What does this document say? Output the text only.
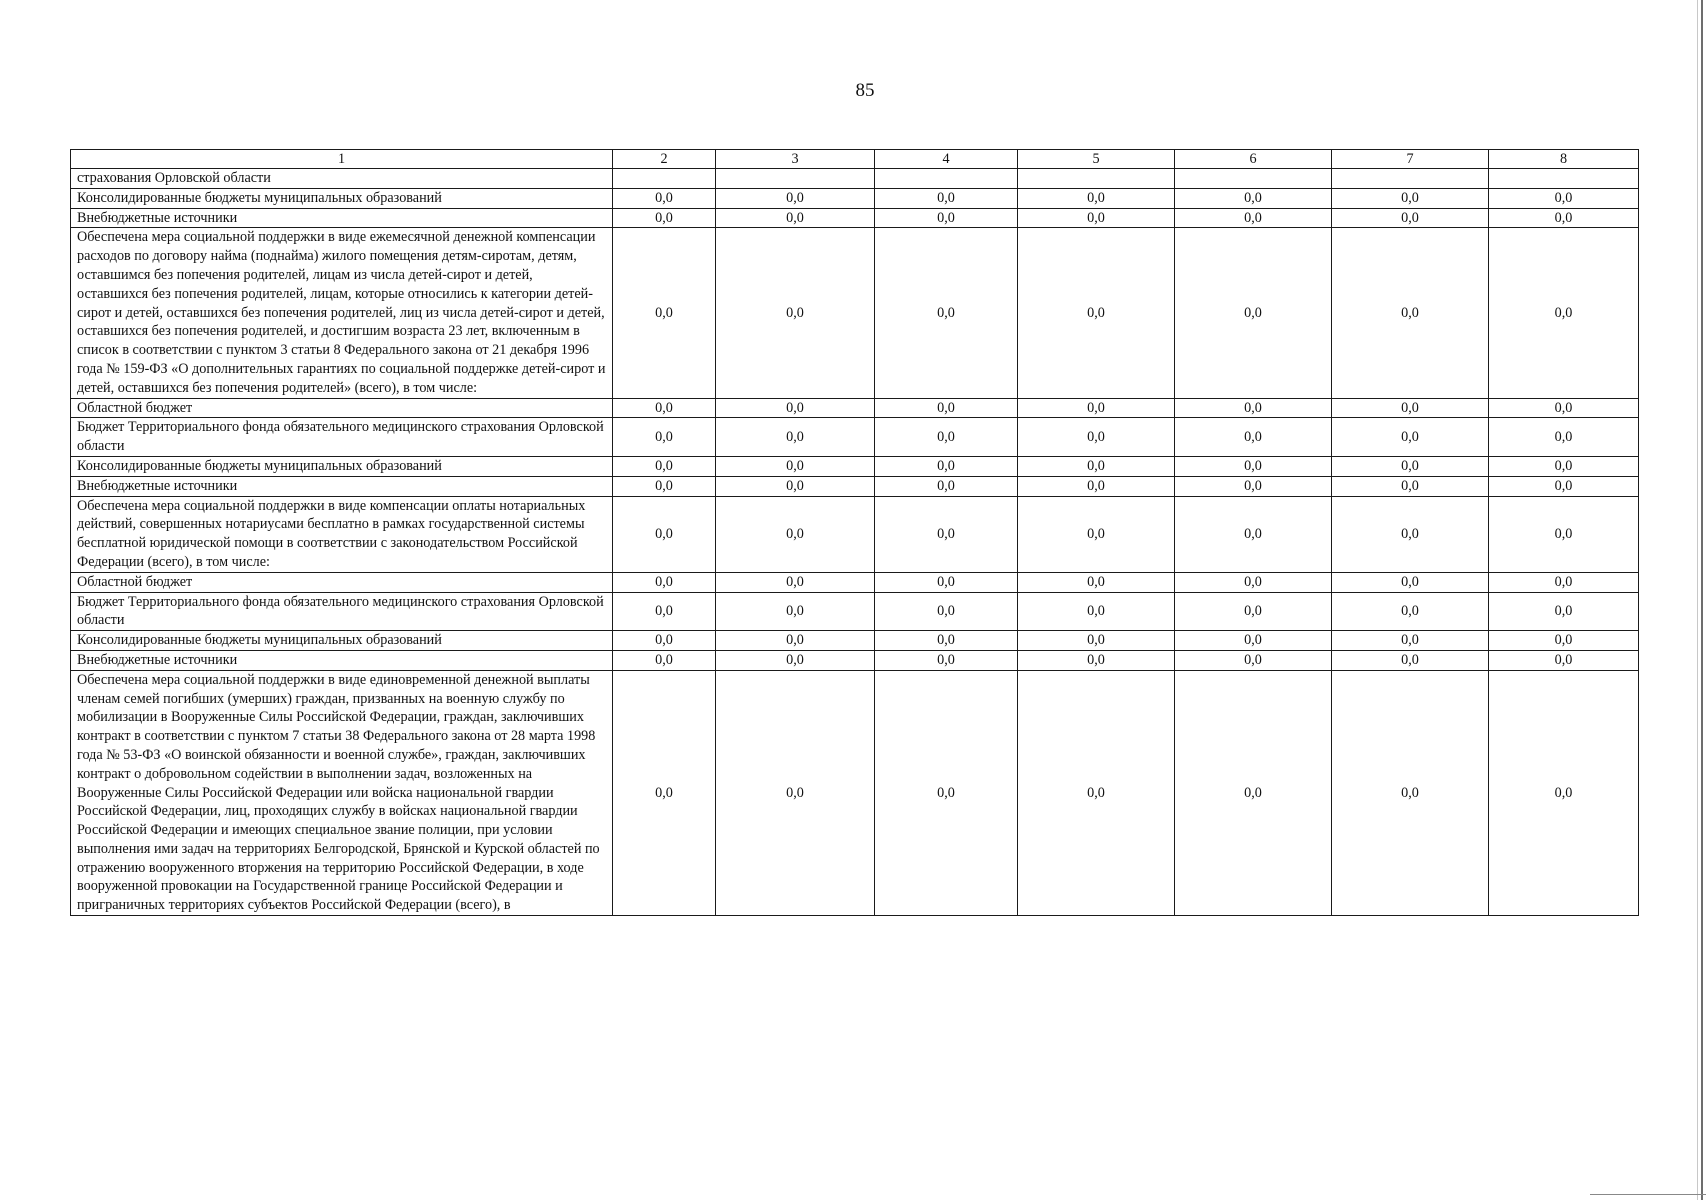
85
1	2	3	4	5	6	7	8
страхования Орловской области							
Консолидированные бюджеты муниципальных образований	0,0	0,0	0,0	0,0	0,0	0,0	0,0
Внебюджетные источники	0,0	0,0	0,0	0,0	0,0	0,0	0,0
Обеспечена мера социальной поддержки в виде ежемесячной денежной компенсации расходов по договору найма (поднайма) жилого помещения детям-сиротам, детям, оставшимся без попечения родителей, лицам из числа детей-сирот и детей, оставшихся без попечения родителей, лицам, которые относились к категории детей-сирот и детей, оставшихся без попечения родителей, лиц из числа детей-сирот и детей, оставшихся без попечения родителей, и достигшим возраста 23 лет, включенным в список в соответствии с пунктом 3 статьи 8 Федерального закона от 21 декабря 1996 года № 159-ФЗ «О дополнительных гарантиях по социальной поддержке детей-сирот и детей, оставшихся без попечения родителей» (всего), в том числе:	0,0	0,0	0,0	0,0	0,0	0,0	0,0
Областной бюджет	0,0	0,0	0,0	0,0	0,0	0,0	0,0
Бюджет Территориального фонда обязательного медицинского страхования Орловской области	0,0	0,0	0,0	0,0	0,0	0,0	0,0
Консолидированные бюджеты муниципальных образований	0,0	0,0	0,0	0,0	0,0	0,0	0,0
Внебюджетные источники	0,0	0,0	0,0	0,0	0,0	0,0	0,0
Обеспечена мера социальной поддержки в виде компенсации оплаты нотариальных действий, совершенных нотариусами бесплатно в рамках государственной системы бесплатной юридической помощи в соответствии с законодательством Российской Федерации (всего), в том числе:	0,0	0,0	0,0	0,0	0,0	0,0	0,0
Областной бюджет	0,0	0,0	0,0	0,0	0,0	0,0	0,0
Бюджет Территориального фонда обязательного медицинского страхования Орловской области	0,0	0,0	0,0	0,0	0,0	0,0	0,0
Консолидированные бюджеты муниципальных образований	0,0	0,0	0,0	0,0	0,0	0,0	0,0
Внебюджетные источники	0,0	0,0	0,0	0,0	0,0	0,0	0,0
Обеспечена мера социальной поддержки в виде единовременной денежной выплаты членам семей погибших (умерших) граждан, призванных на военную службу по мобилизации в Вооруженные Силы Российской Федерации, граждан, заключивших контракт в соответствии с пунктом 7 статьи 38 Федерального закона от 28 марта 1998 года № 53-ФЗ «О воинской обязанности и военной службе», граждан, заключивших контракт о добровольном содействии в выполнении задач, возложенных на Вооруженные Силы Российской Федерации или войска национальной гвардии Российской Федерации, лиц, проходящих службу в войсках национальной гвардии Российской Федерации и имеющих специальное звание полиции, при условии выполнения ими задач на территориях Белгородской, Брянской и Курской областей по отражению вооруженного вторжения на территорию Российской Федерации, в ходе вооруженной провокации на Государственной границе Российской Федерации и приграничных территориях субъектов Российской Федерации (всего), в	0,0	0,0	0,0	0,0	0,0	0,0	0,0
